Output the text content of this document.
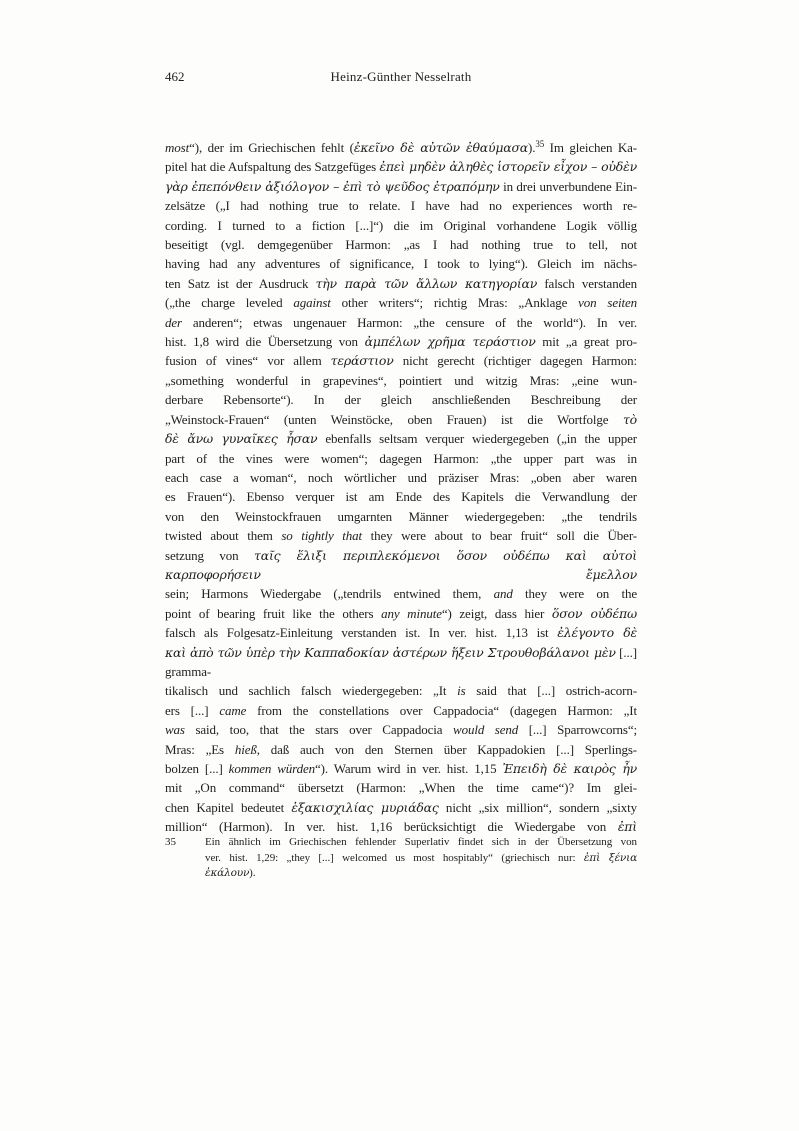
462	Heinz-Günther Nesselrath
most“), der im Griechischen fehlt (ἐκεῖνο δὲ αὐτῶν ἐθαύμασα).$^{35}$ Im gleichen Ka-
pitel hat die Aufspaltung des Satzgefüges ἐπεὶ μηδὲν ἀληθὲς ἱστορεῖν εἶχον – οὐδὲν
γὰρ ἐπεπόνθειν ἀξιόλογον – ἐπὶ τὸ ψεῦδος ἐτραπόμην in drei unverbundene Ein-
zelsätze („I had nothing true to relate. I have had no experiences worth re-
cording. I turned to a fiction [...]“) die im Original vorhandene Logik völlig
beseitigt (vgl. demgegenüber Harmon: „as I had nothing true to tell, not
having had any adventures of significance, I took to lying“). Gleich im nächs-
ten Satz ist der Ausdruck τὴν παρὰ τῶν ἄλλων κατηγορίαν falsch verstanden
(„the charge leveled against other writers“; richtig Mras: „Anklage von seiten
der anderen“; etwas ungenauer Harmon: „the censure of the world“). In ver.
hist. 1,8 wird die Übersetzung von ἀμπέλων χρῆμα τεράστιον mit „a great pro-
fusion of vines“ vor allem τεράστιον nicht gerecht (richtiger dagegen Harmon:
„something wonderful in grapevines“, pointiert und witzig Mras: „eine wun-
derbare Rebensorte“). In der gleich anschließenden Beschreibung der
„Weinstock-Frauen“ (unten Weinstöcke, oben Frauen) ist die Wortfolge τὸ
δὲ ἄνω γυναῖκες ἦσαν ebenfalls seltsam verquer wiedergegeben („in the upper
part of the vines were women“; dagegen Harmon: „the upper part was in
each case a woman“, noch wörtlicher und präziser Mras: „oben aber waren
es Frauen“). Ebenso verquer ist am Ende des Kapitels die Verwandlung der
von den Weinstockfrauen umgarnten Männer wiedergegeben: „the tendrils
twisted about them so tightly that they were about to bear fruit“ soll die Über-
setzung von ταῖς ἕλιξι περιπλεκόμενοι ὅσον οὐδέπω καὶ αὐτοὶ καρποφορήσειν ἔμελλον
sein; Harmons Wiedergabe („tendrils entwined them, and they were on the
point of bearing fruit like the others any minute“) zeigt, dass hier ὅσον οὐδέπω
falsch als Folgesatz-Einleitung verstanden ist. In ver. hist. 1,13 ist ἐλέγοντο δὲ
καὶ ἀπὸ τῶν ὑπὲρ τὴν Καππαδοκίαν ἀστέρων ἥξειν Στρουθοβάλανοι μὲν [...] gramma-
tikalisch und sachlich falsch wiedergegeben: „It is said that [...] ostrich-acorn-
ers [...] came from the constellations over Cappadocia“ (dagegen Harmon: „It
was said, too, that the stars over Cappadocia would send [...] Sparrowcorns“;
Mras: „Es hieß, daß auch von den Sternen über Kappadokien [...] Sperlings-
bolzen [...] kommen würden“). Warum wird in ver. hist. 1,15 Ἐπειδὴ δὲ καιρὸς ἦν
mit „On command“ übersetzt (Harmon: „When the time came“)? Im glei-
chen Kapitel bedeutet ἑξακισχιλίας μυριάδας nicht „six million“, sondern „sixty
million“ (Harmon). In ver. hist. 1,16 berücksichtigt die Wiedergabe von ἐπὶ
35	Ein ähnlich im Griechischen fehlender Superlativ findet sich in der Übersetzung von
ver. hist. 1,29: „they [...] welcomed us most hospitably“ (griechisch nur: ἐπὶ ξένια
ἐκάλουν).
